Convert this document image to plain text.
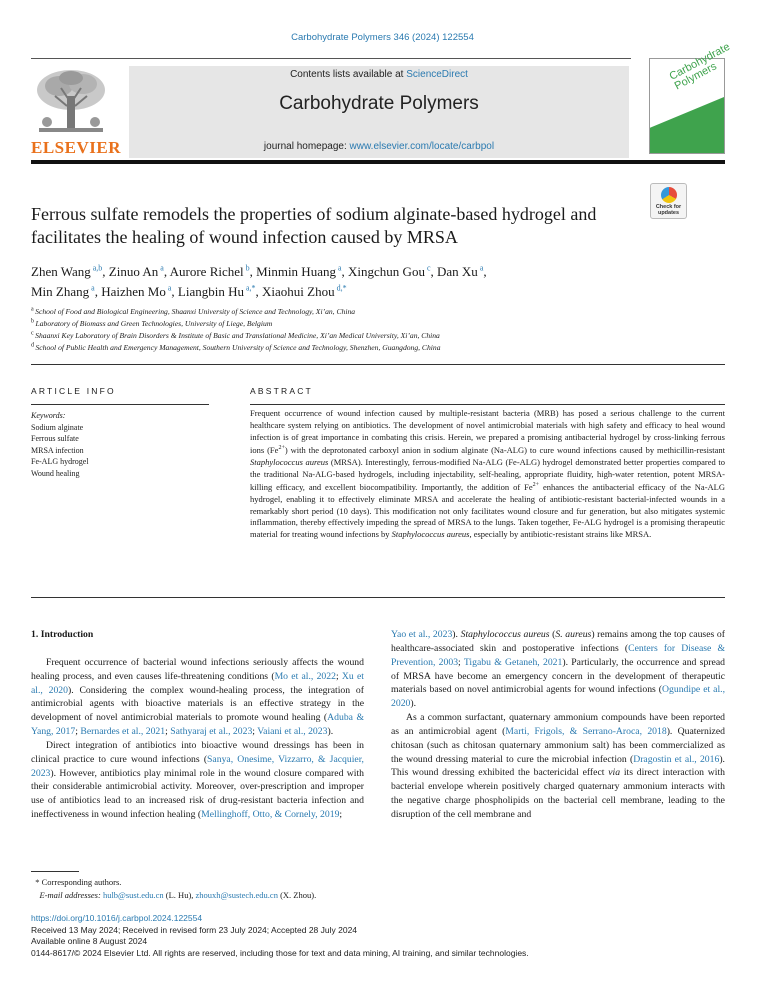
Carbohydrate Polymers 346 (2024) 122554
ELSEVIER
Contents lists available at ScienceDirect
Carbohydrate Polymers
journal homepage: www.elsevier.com/locate/carbpol
Carbohydrate Polymers
Check for updates
Ferrous sulfate remodels the properties of sodium alginate-based hydrogel and facilitates the healing of wound infection caused by MRSA
Zhen Wang $^{a,b}$, Zinuo An $^a$, Aurore Richel $^b$, Minmin Huang $^a$, Xingchun Gou $^c$, Dan Xu $^a$,
Min Zhang $^a$, Haizhen Mo $^a$, Liangbin Hu $^{a,*}$, Xiaohui Zhou $^{d,*}$
$^a$ School of Food and Biological Engineering, Shaanxi University of Science and Technology, Xi’an, China
$^b$ Laboratory of Biomass and Green Technologies, University of Liege, Belgium
$^c$ Shaanxi Key Laboratory of Brain Disorders & Institute of Basic and Translational Medicine, Xi’an Medical University, Xi’an, China
$^d$ School of Public Health and Emergency Management, Southern University of Science and Technology, Shenzhen, Guangdong, China
ARTICLE INFO	ABSTRACT
Keywords:
Sodium alginate
Ferrous sulfate
MRSA infection
Fe-ALG hydrogel
Wound healing
Frequent occurrence of wound infection caused by multiple-resistant bacteria (MRB) has posed a serious challenge to the current healthcare system relying on antibiotics. The development of novel antimicrobial materials with high safety and efficacy to heal wound infection is of great importance in combating this crisis. Herein, we prepared a promising antibacterial hydrogel by cross-linking ferrous ions $(Fe^{2+})$ with the deprotonated carboxyl anion in sodium alginate (Na-ALG) to cure wound infections caused by methicillin-resistant Staphylococcus aureus (MRSA). Interestingly, ferrous-modified Na-ALG (Fe-ALG) hydrogel demonstrated better properties compared to the traditional Na-ALG-based hydrogels, including injectability, self-healing, appropriate fluidity, high-water retention, potent MRSA-killing efficacy, and excellent biocompatibility. Importantly, the addition of $Fe^{2+}$ enhances the antibacterial efficacy of the Na-ALG hydrogel, enabling it to effectively eliminate MRSA and accelerate the healing of antibiotic-resistant bacterial-infected wounds in a remarkably short period (10 days). This modification not only facilitates wound closure and fur generation, but also mitigates systemic inflammation, thereby effectively impeding the spread of MRSA to the lungs. Taken together, Fe-ALG hydrogel is a promising therapeutic material for treating wound infections by Staphylococcus aureus, especially by antibiotic-resistant strains like MRSA.
1. Introduction

Frequent occurrence of bacterial wound infections seriously affects the wound healing process, and even causes life-threatening conditions (Mo et al., 2022; Xu et al., 2020). Considering the complex wound-healing process, the integration of antimicrobial agents with bioactive materials is an effective strategy in the development of novel antimicrobial materials to promote wound healing (Aduba & Yang, 2017; Bernardes et al., 2021; Sathyaraj et al., 2023; Vaiani et al., 2023).

Direct integration of antibiotics into bioactive wound dressings has been in clinical practice to cure wound infections (Sanya, Onesime, Vizzarro, & Jacquier, 2023). However, antibiotics play minimal role in the wound closure compared with their considerable antimicrobial activity. Moreover, over-prescription and improper use of antibiotics lead to an increased risk of drug-resistant bacteria infection and ineffectiveness in wound infection healing (Mellinghoff, Otto, & Cornely, 2019;

Yao et al., 2023). Staphylococcus aureus (S. aureus) remains among the top causes of healthcare-associated skin and postoperative infections (Centers for Disease & Prevention, 2003; Tigabu & Getaneh, 2021). Particularly, the occurrence and spread of MRSA have become an emergency concern in the development of therapeutic materials based on novel antimicrobial agents for wound infections (Ogundipe et al., 2020).

As a common surfactant, quaternary ammonium compounds have been reported as an antimicrobial agent (Marti, Frigols, & Serrano-Aroca, 2018). Quaternized chitosan (such as chitosan quaternary ammonium salt) has been commercialized as the wound dressing material to cure the microbial infection (Dragostin et al., 2016). This wound dressing exhibited the bactericidal effect via its direct interaction with bacterial envelope wherein positively charged quaternary ammonium interacts with the negative charge phospholipids on the bacterial cell membrane, leading to the disruption of the cell membrane and

* Corresponding authors.
E-mail addresses: hulb@sust.edu.cn (L. Hu), zhouxh@sustech.edu.cn (X. Zhou).
https://doi.org/10.1016/j.carbpol.2024.122554
Received 13 May 2024; Received in revised form 23 July 2024; Accepted 28 July 2024
Available online 8 August 2024
0144-8617/© 2024 Elsevier Ltd. All rights are reserved, including those for text and data mining, AI training, and similar technologies.
